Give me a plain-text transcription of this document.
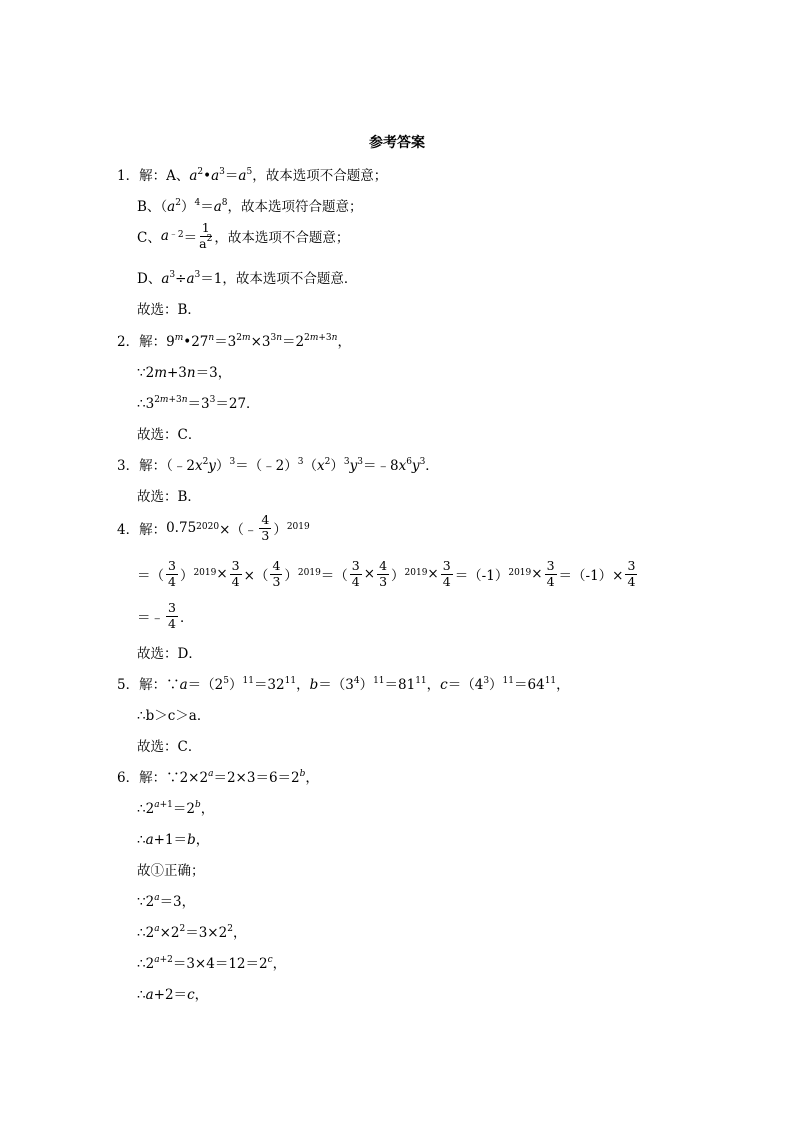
参考答案
1．解：A、$a^2•a^3=a^5$，故本选项不合题意；
B、$(a^2)^4=a^8$，故本选项符合题意；
C、 $a^{﹣2} = \frac{1}{a^2}$ ，故本选项不合题意；
D、$a^3\div a^3=1$，故本选项不合题意．
故选：B．
2．解：$9^m•27^n=3^{2m}\times 3^{3n}=2^{2m+3n}$，
∵2m+3n＝3，
$\therefore 3^{2m+3n}=3^3=27$．
故选：C．
3．解：$(﹣2x^2y)^3=(﹣2)^3(x^2)^3y^3=﹣8x^6y^3$．
故选：B．
4． 解： $0.75^{2020}$ ×（﹣ $\frac{4}{3} )^{2019}$
＝（ $\frac{3}{4} )^{2019} \times \frac{3}{4}$ ×（ $\frac{4}{3} )^{2019}$ ＝（ $\frac{3}{4} \times \frac{4}{3} )^{2019} \times \frac{3}{4} =(-1)^{2019} \times \frac{3}{4} =(-1)\times \frac{3}{4}$
＝﹣ $\frac{3}{4}$ ．
故选：D．
5．解：$\because a=(2^5)^{11}=32^{11}$，$b=(3^4)^{11}=81^{11}$，$c=(4^3)^{11}=64^{11}$，
∴b＞c＞a．
故选：C．
6．解：$\because 2\times 2^a=2\times 3=6=2^b$，
$\therefore 2^{a+1}=2^b$，
∴a+1＝b，
故①正确；
$\because 2^a=3$，
$\therefore 2^a\times 2^2=3\times 2^2$，
$\therefore 2^{a+2}=3\times 4=12=2^c$，
∴a+2＝c，
